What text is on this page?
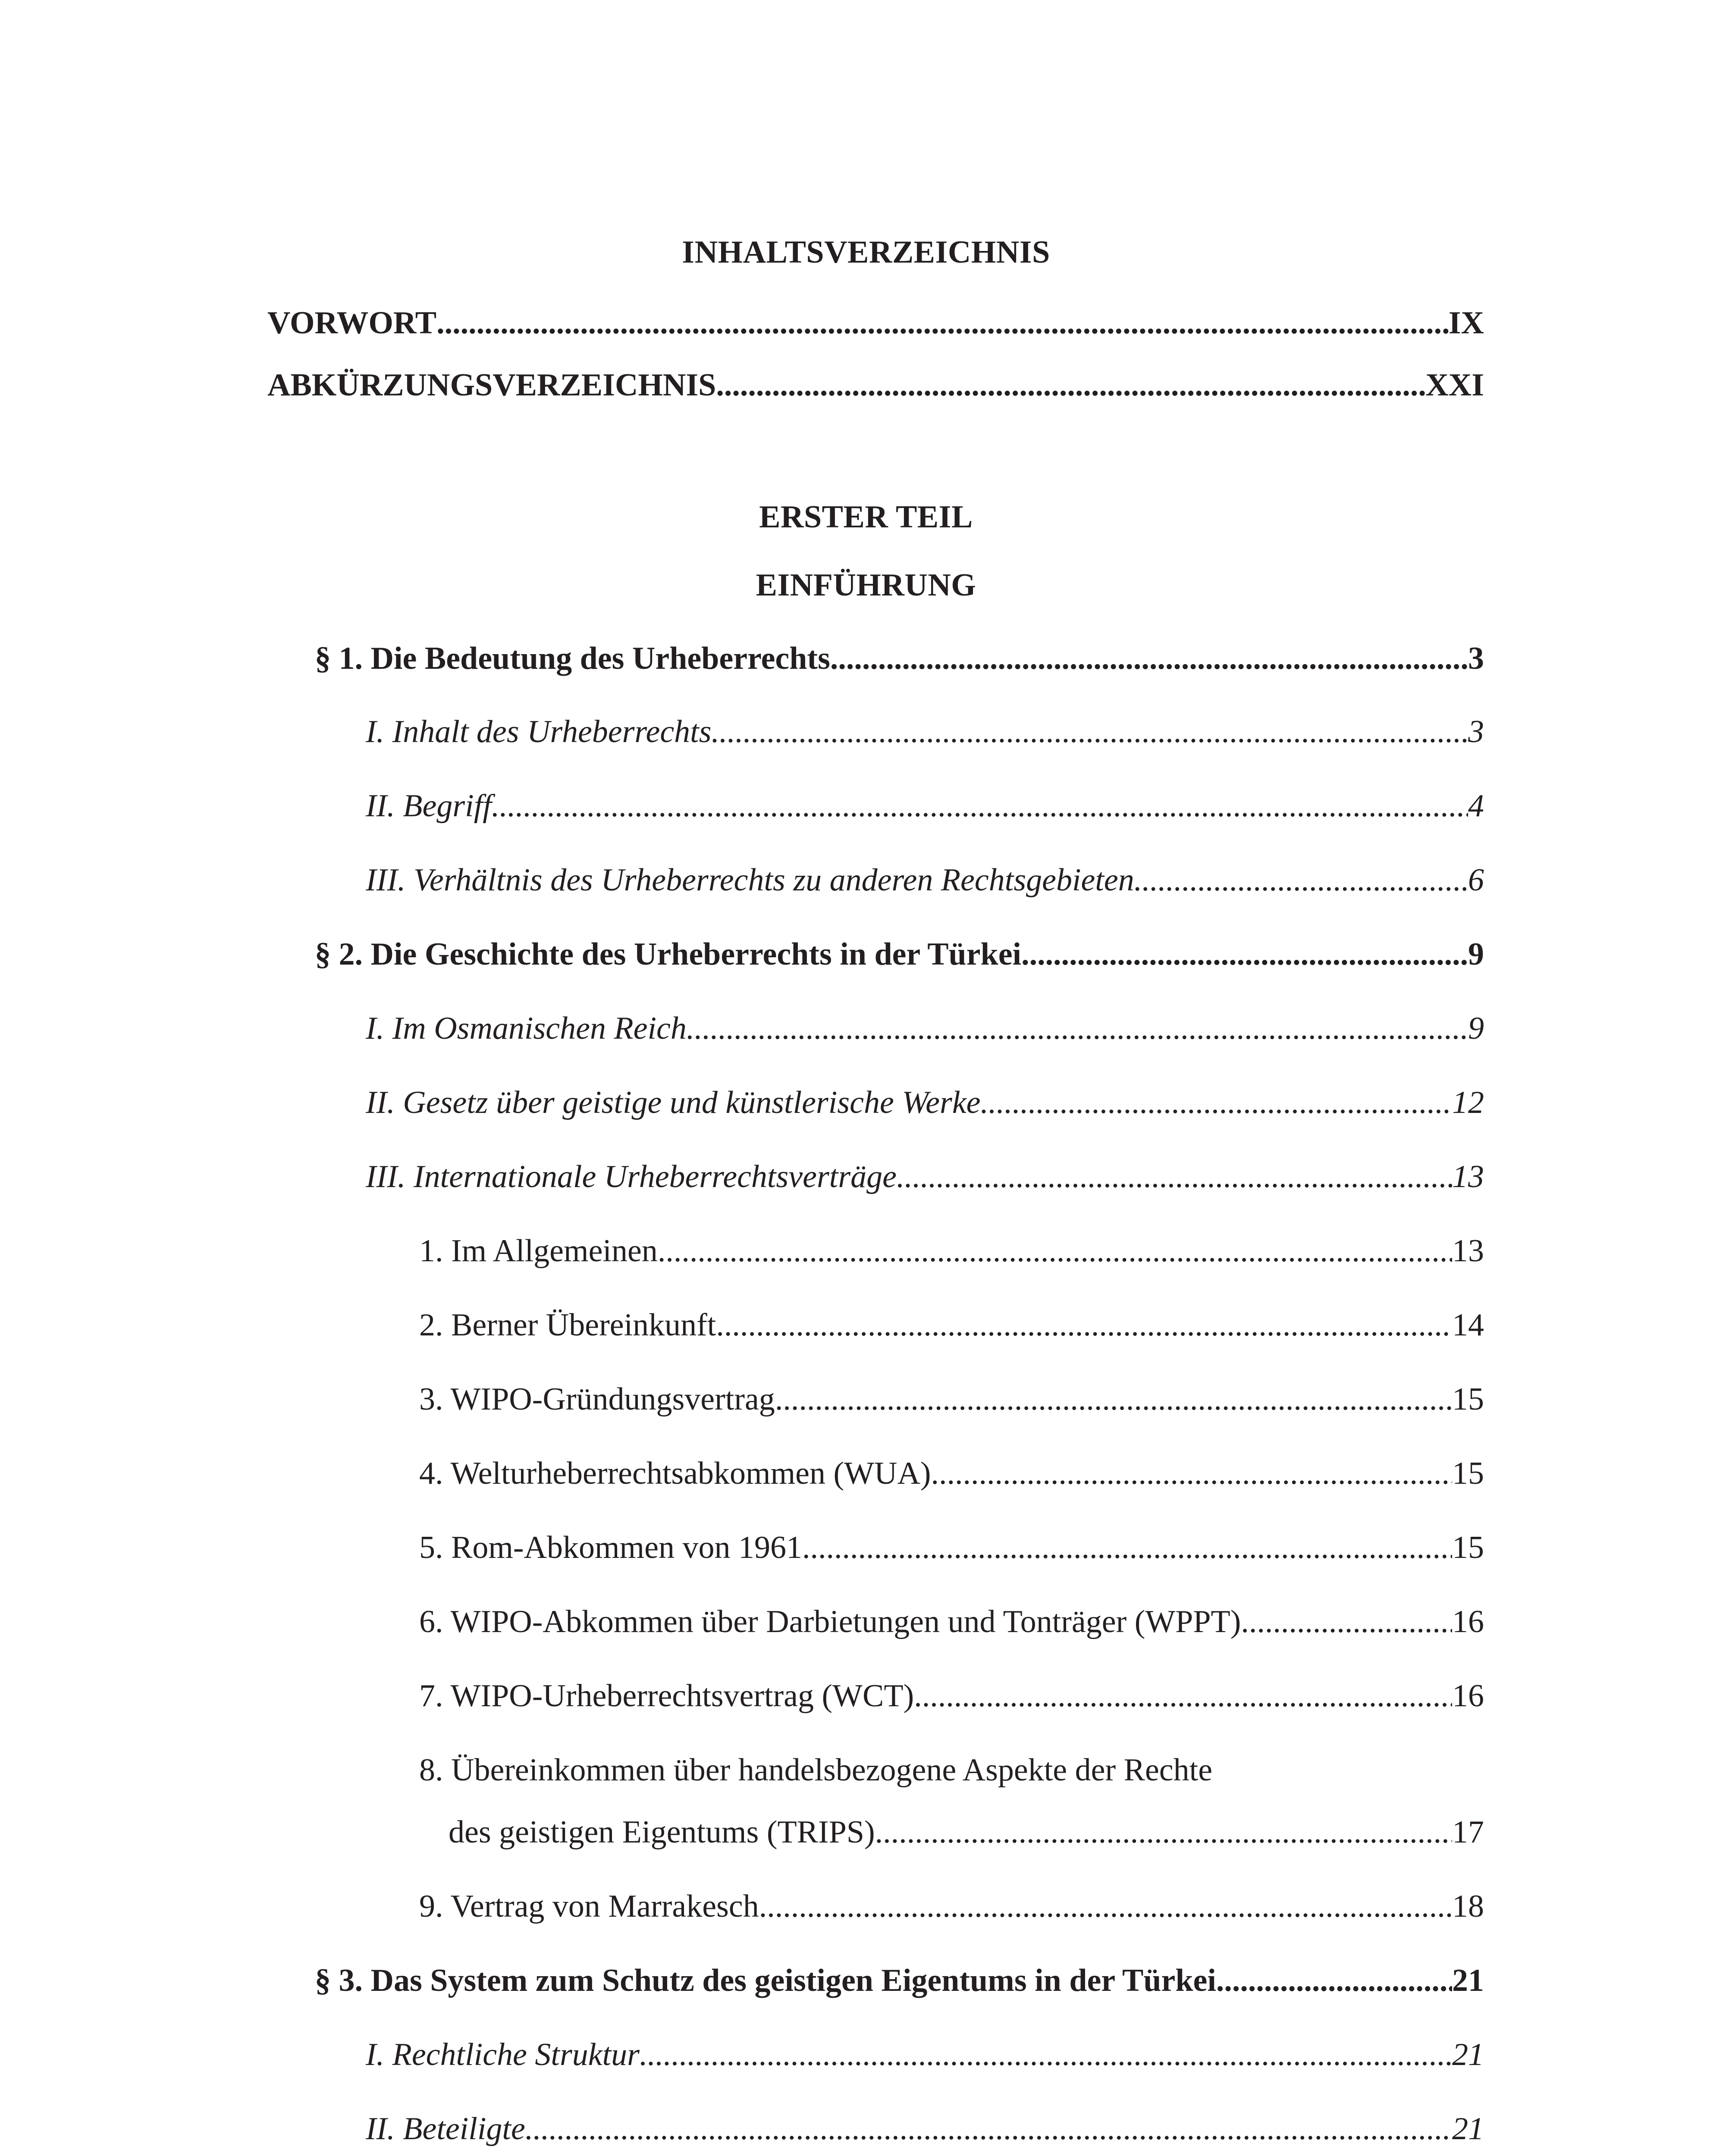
INHALTSVERZEICHNIS
VORWORT .....	IX
ABKÜRZUNGSVERZEICHNIS .....	XXI
ERSTER TEIL
EINFÜHRUNG
§ 1. Die Bedeutung des Urheberrechts .....	3
I. Inhalt des Urheberrechts .....	3
II. Begriff .....	4
III. Verhältnis des Urheberrechts zu anderen Rechtsgebieten .....	6
§ 2. Die Geschichte des Urheberrechts in der Türkei .....	9
I. Im Osmanischen Reich .....	9
II. Gesetz über geistige und künstlerische Werke .....	12
III. Internationale Urheberrechtsverträge .....	13
1. Im Allgemeinen .....	13
2. Berner Übereinkunft .....	14
3. WIPO-Gründungsvertrag .....	15
4. Welturheberrechtsabkommen (WUA) .....	15
5. Rom-Abkommen von 1961 .....	15
6. WIPO-Abkommen über Darbietungen und Tonträger (WPPT) .....	16
7. WIPO-Urheberrechtsvertrag (WCT) .....	16
8. Übereinkommen über handelsbezogene Aspekte der Rechte
des geistigen Eigentums (TRIPS) .....	17
9. Vertrag von Marrakesch .....	18
§ 3. Das System zum Schutz des geistigen Eigentums in der Türkei .....	21
I. Rechtliche Struktur .....	21
II. Beteiligte .....	21
